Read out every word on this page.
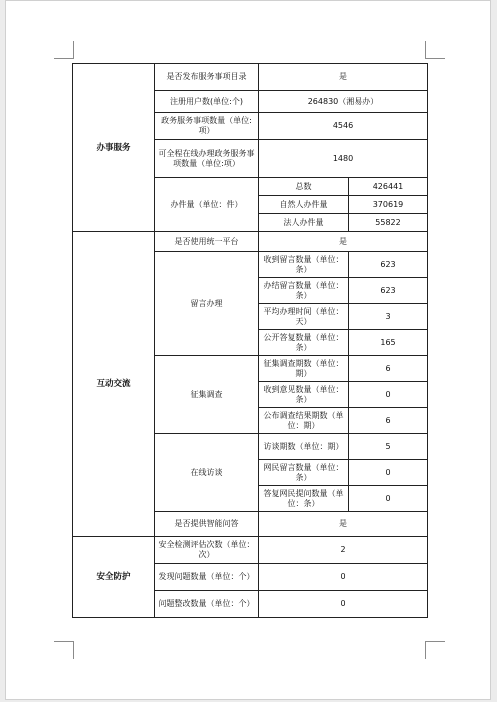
办事服务	是否发布服务事项目录	是	
	注册用户数(单位:个)	264830（湘易办）	
	政务服务事项数量（单位:项）	4546	
	可全程在线办理政务服务事项数量（单位:项）	1480	
	办件量（单位：件）	总数	426441
		自然人办件量	370619
		法人办件量	55822
互动交流	是否使用统一平台	是	
	留言办理	收到留言数量（单位：条）	623
		办结留言数量（单位：条）	623
		平均办理时间（单位：天）	3
		公开答复数量（单位：条）	165
	征集调查	征集调查期数（单位：期）	6
		收到意见数量（单位：条）	0
		公布调查结果期数（单位：期）	6
	在线访谈	访谈期数（单位：期）	5
		网民留言数量（单位：条）	0
		答复网民提问数量（单位：条）	0
	是否提供智能问答	是	
安全防护	安全检测评估次数（单位：次）	2	
	发现问题数量（单位：个）	0	
	问题整改数量（单位：个）	0	
